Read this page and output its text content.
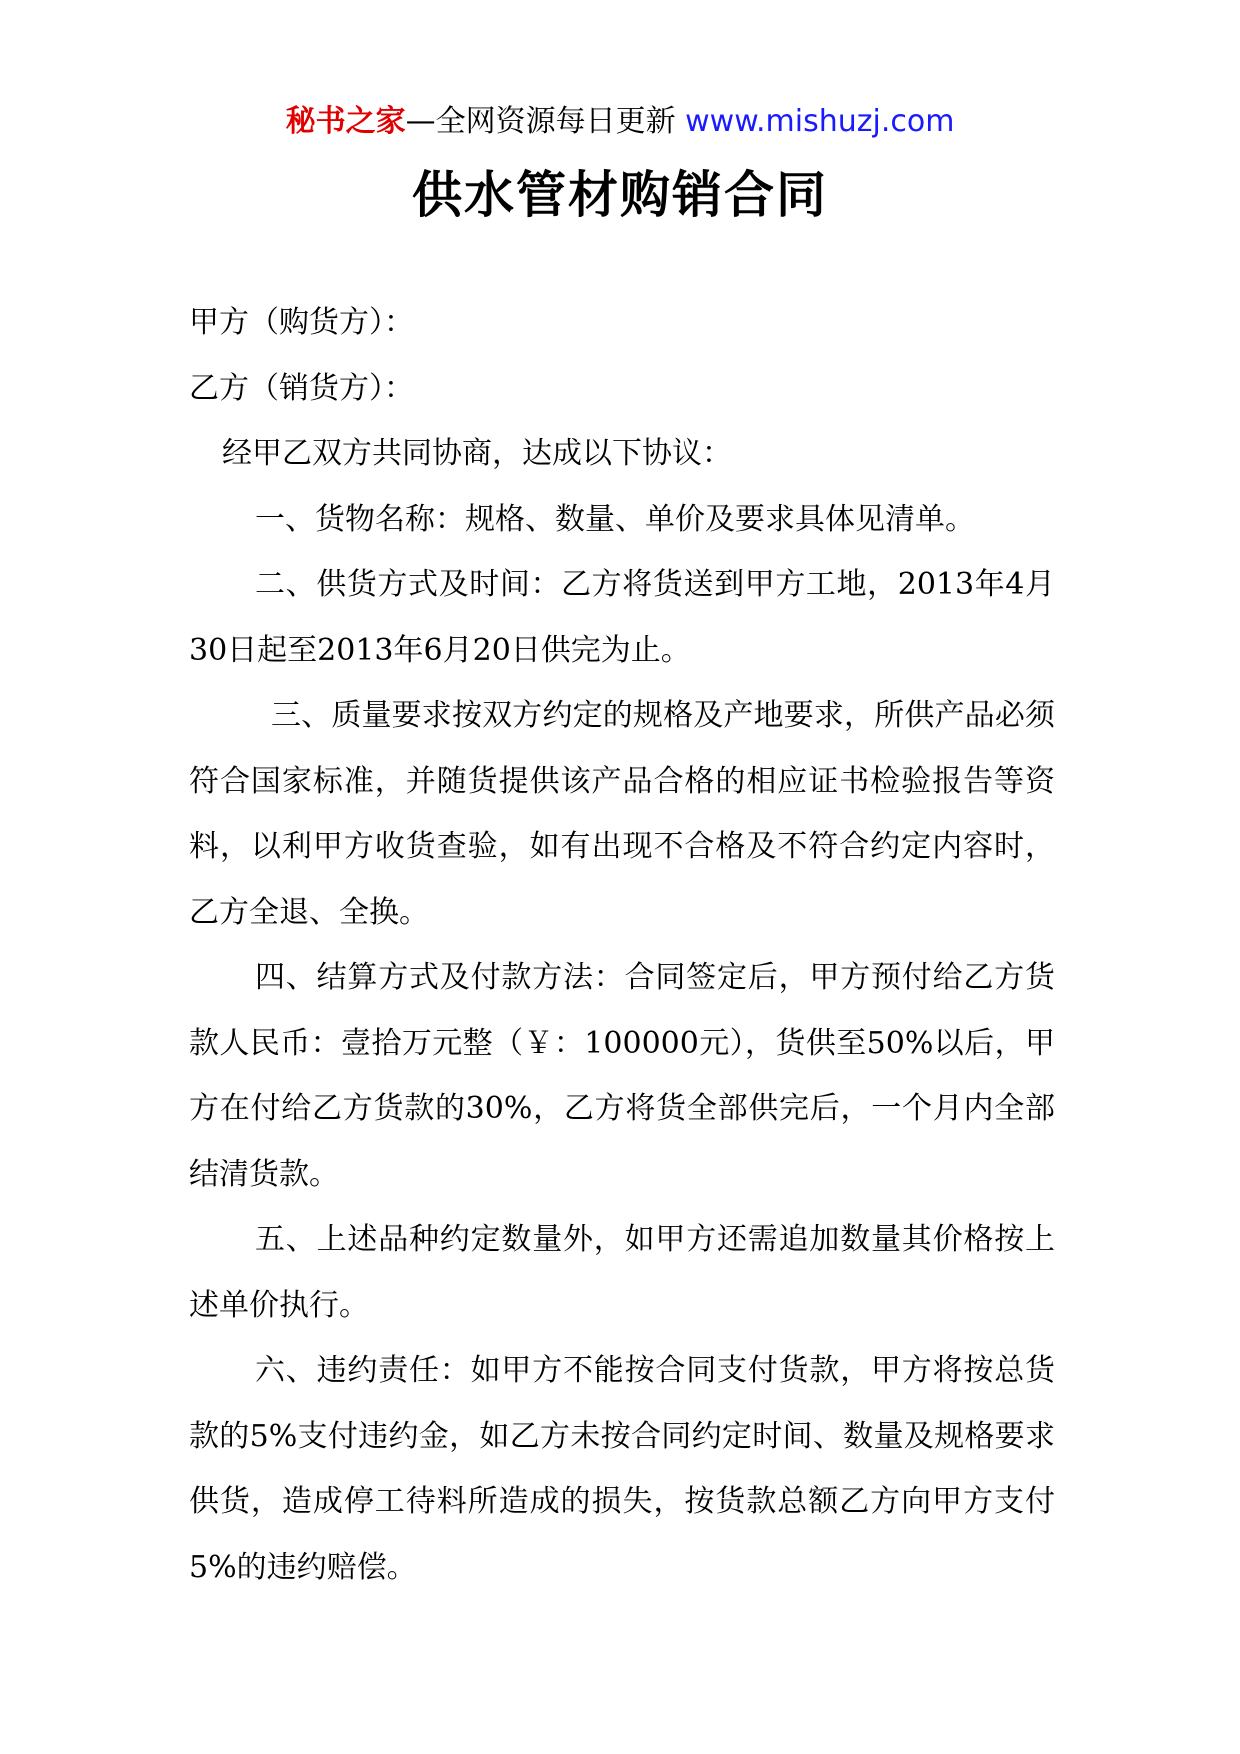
秘书之家—全网资源每日更新 www.mishuzj.com
供水管材购销合同

甲方（购货方）：

乙方（销货方）：

经甲乙双方共同协商，达成以下协议：

一、货物名称：规格、数量、单价及要求具体见清单。

二、供货方式及时间：乙方将货送到甲方工地，2013年4月30日起至2013年6月20日供完为止。

三、质量要求按双方约定的规格及产地要求，所供产品必须符合国家标准，并随货提供该产品合格的相应证书检验报告等资料，以利甲方收货查验，如有出现不合格及不符合约定内容时，乙方全退、全换。

四、结算方式及付款方法：合同签定后，甲方预付给乙方货款人民币：壹拾万元整（￥：100000元），货供至50%以后，甲方在付给乙方货款的30%，乙方将货全部供完后，一个月内全部结清货款。

五、上述品种约定数量外，如甲方还需追加数量其价格按上述单价执行。

六、违约责任：如甲方不能按合同支付货款，甲方将按总货款的5%支付违约金，如乙方未按合同约定时间、数量及规格要求供货，造成停工待料所造成的损失，按货款总额乙方向甲方支付5%的违约赔偿。
